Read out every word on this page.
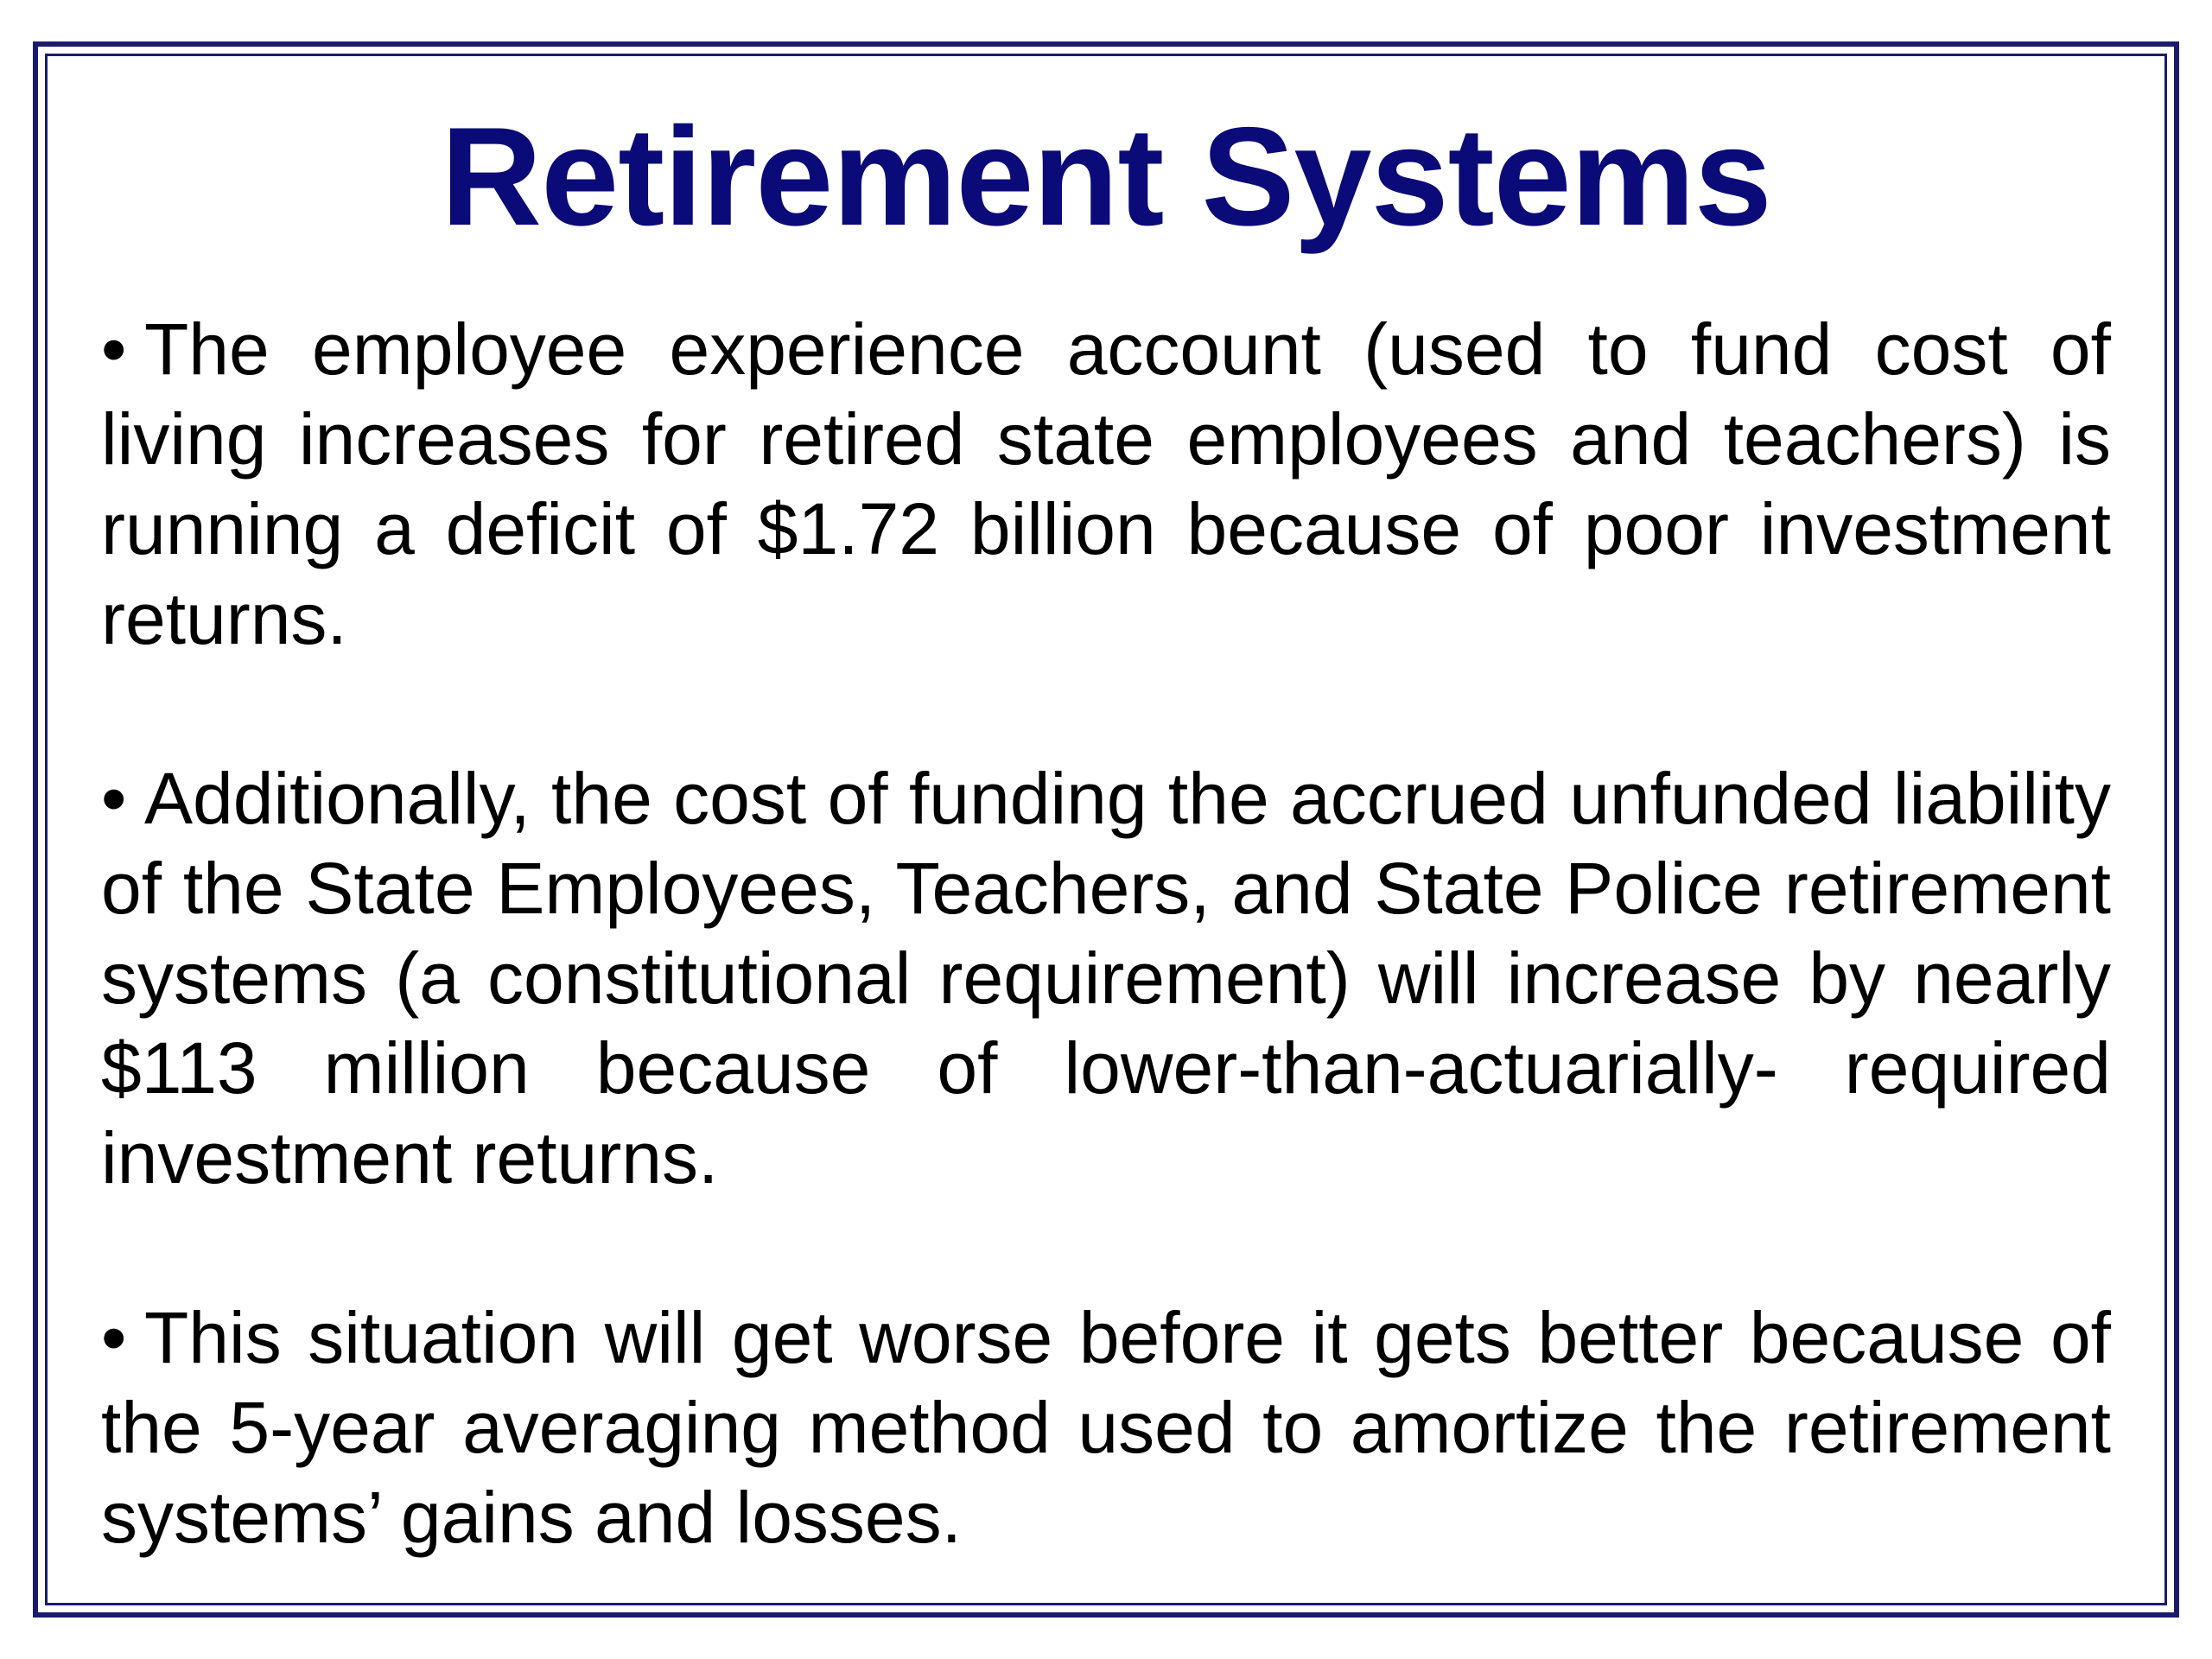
Retirement Systems

• The employee experience account (used to fund cost of living increases for retired state employees and teachers) is running a deficit of $1.72 billion because of poor investment returns.

• Additionally, the cost of funding the accrued unfunded liability of the State Employees, Teachers, and State Police retirement systems (a constitutional requirement) will increase by nearly $113 million because of lower-than-actuarially- required investment returns.

• This situation will get worse before it gets better because of the 5-year averaging method used to amortize the retirement systems’ gains and losses.
